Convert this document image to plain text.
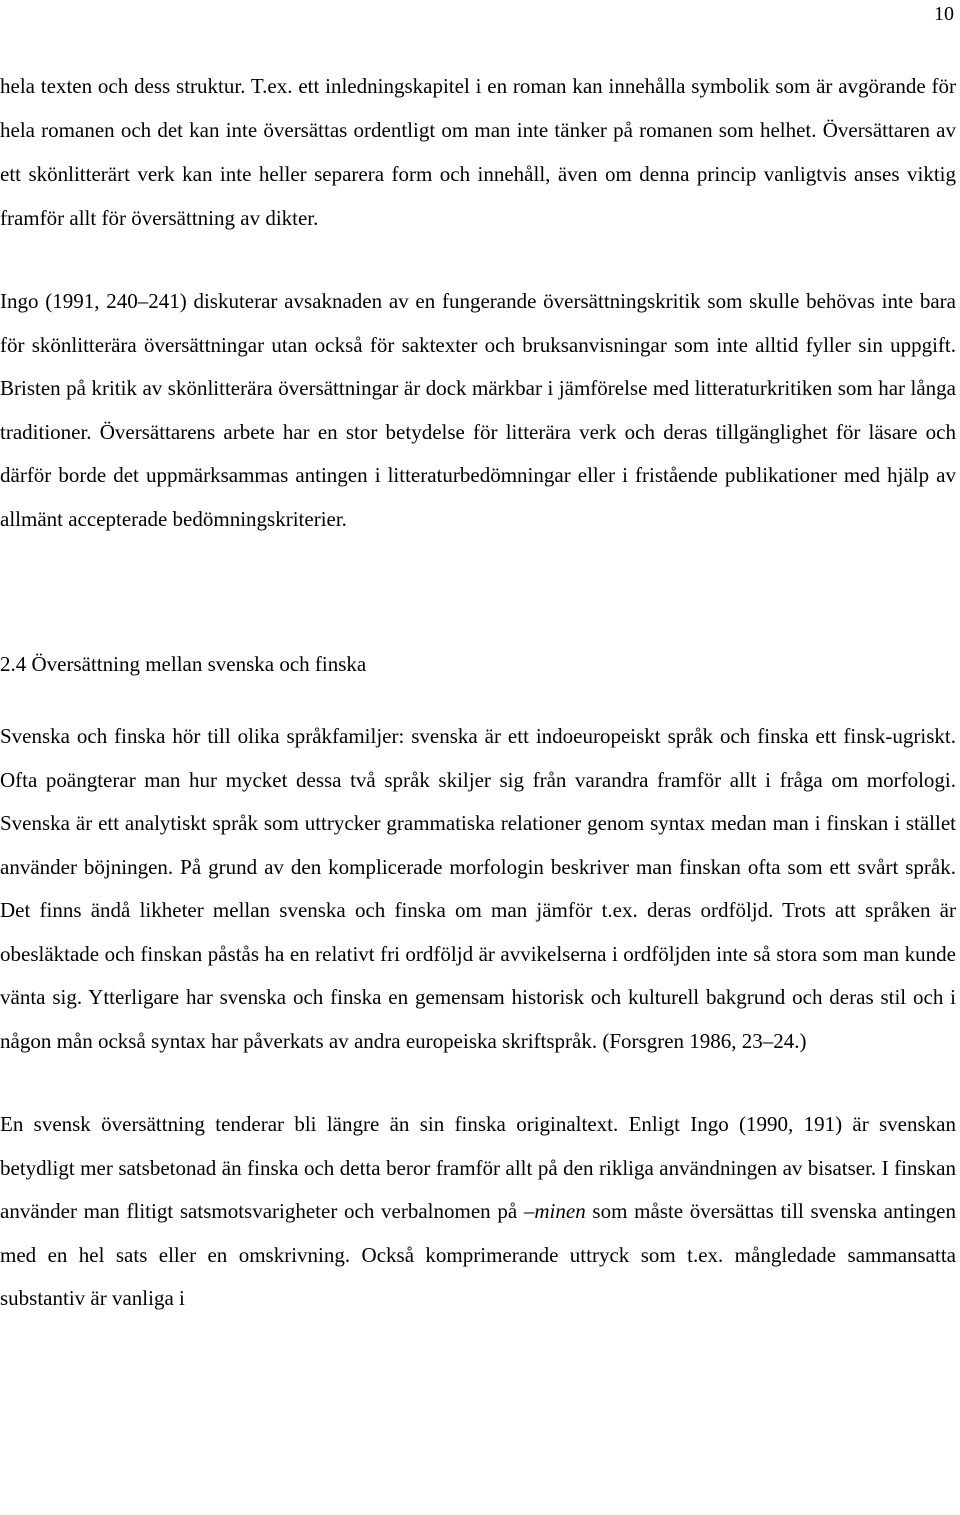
10

hela texten och dess struktur. T.ex. ett inledningskapitel i en roman kan innehålla symbolik som är avgörande för hela romanen och det kan inte översättas ordentligt om man inte tänker på romanen som helhet. Översättaren av ett skönlitterärt verk kan inte heller separera form och innehåll, även om denna princip vanligtvis anses viktig framför allt för översättning av dikter.

Ingo (1991, 240–241) diskuterar avsaknaden av en fungerande översättningskritik som skulle behövas inte bara för skönlitterära översättningar utan också för saktexter och bruksanvisningar som inte alltid fyller sin uppgift. Bristen på kritik av skönlitterära översättningar är dock märkbar i jämförelse med litteraturkritiken som har långa traditioner. Översättarens arbete har en stor betydelse för litterära verk och deras tillgänglighet för läsare och därför borde det uppmärksammas antingen i litteraturbedömningar eller i fristående publikationer med hjälp av allmänt accepterade bedömningskriterier.

2.4 Översättning mellan svenska och finska

Svenska och finska hör till olika språkfamiljer: svenska är ett indoeuropeiskt språk och finska ett finsk-ugriskt. Ofta poängterar man hur mycket dessa två språk skiljer sig från varandra framför allt i fråga om morfologi. Svenska är ett analytiskt språk som uttrycker grammatiska relationer genom syntax medan man i finskan i stället använder böjningen. På grund av den komplicerade morfologin beskriver man finskan ofta som ett svårt språk. Det finns ändå likheter mellan svenska och finska om man jämför t.ex. deras ordföljd. Trots att språken är obesläktade och finskan påstås ha en relativt fri ordföljd är avvikelserna i ordföljden inte så stora som man kunde vänta sig. Ytterligare har svenska och finska en gemensam historisk och kulturell bakgrund och deras stil och i någon mån också syntax har påverkats av andra europeiska skriftspråk. (Forsgren 1986, 23–24.)

En svensk översättning tenderar bli längre än sin finska originaltext. Enligt Ingo (1990, 191) är svenskan betydligt mer satsbetonad än finska och detta beror framför allt på den rikliga användningen av bisatser. I finskan använder man flitigt satsmotsvarigheter och verbalnomen på –minen som måste översättas till svenska antingen med en hel sats eller en omskrivning. Också komprimerande uttryck som t.ex. mångledade sammansatta substantiv är vanliga i
